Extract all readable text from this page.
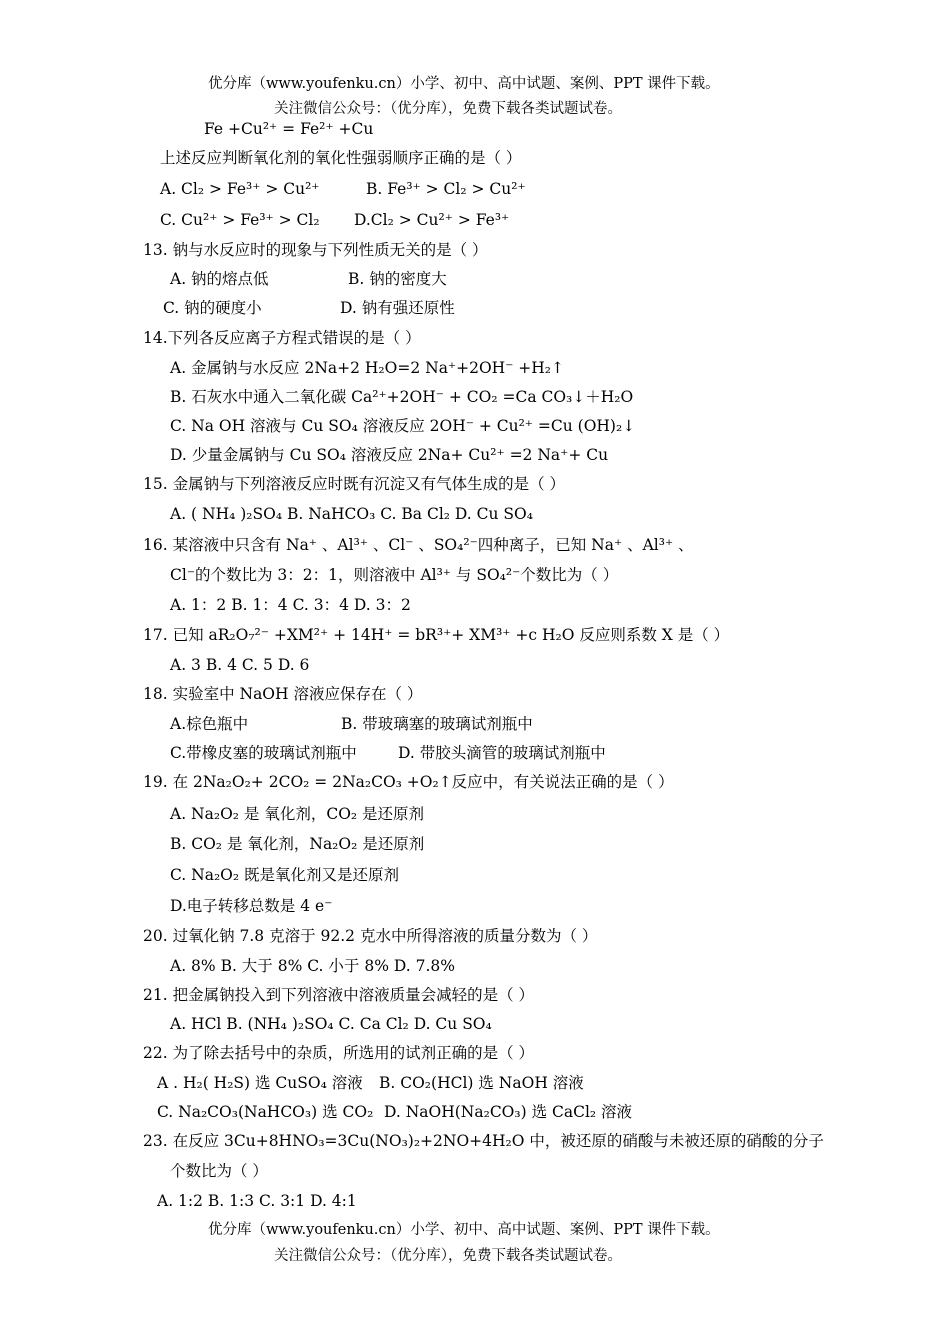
优分库（www.youfenku.cn）小学、初中、高中试题、案例、PPT 课件下载。
关注微信公众号：（优分库），免费下载各类试题试卷。
Fe +Cu²⁺ = Fe²⁺ +Cu
上述反应判断氧化剂的氧化性强弱顺序正确的是（ ）
A. Cl₂ > Fe³⁺ > Cu²⁺	B. Fe³⁺ > Cl₂ > Cu²⁺
C. Cu²⁺ > Fe³⁺ > Cl₂ D.Cl₂ > Cu²⁺ > Fe³⁺
13. 钠与水反应时的现象与下列性质无关的是（ ）
A. 钠的熔点低	B. 钠的密度大
C. 钠的硬度小	D. 钠有强还原性
14.下列各反应离子方程式错误的是（ ）
A. 金属钠与水反应 2Na+2 H₂O=2 Na⁺+2OH⁻ +H₂↑
B. 石灰水中通入二氧化碳 Ca²⁺+2OH⁻ + CO₂ =Ca CO₃↓＋H₂O
C. Na OH 溶液与 Cu SO₄ 溶液反应 2OH⁻ + Cu²⁺ =Cu (OH)₂↓
D. 少量金属钠与 Cu SO₄ 溶液反应 2Na+ Cu²⁺ =2 Na⁺+ Cu
15. 金属钠与下列溶液反应时既有沉淀又有气体生成的是（ ）
A. ( NH₄ )₂SO₄ B. NaHCO₃ C. Ba Cl₂ D. Cu SO₄
16. 某溶液中只含有 Na⁺ 、Al³⁺ 、Cl⁻ 、SO₄²⁻四种离子，已知 Na⁺ 、Al³⁺ 、
Cl⁻的个数比为 3：2：1，则溶液中 Al³⁺ 与 SO₄²⁻个数比为（ ）
A. 1：2 B. 1：4 C. 3：4 D. 3：2
17. 已知 aR₂O₇²⁻ +XM²⁺ + 14H⁺ = bR³⁺+ XM³⁺ +c H₂O 反应则系数 X 是（ ）
A. 3 B. 4 C. 5 D. 6
18. 实验室中 NaOH 溶液应保存在（ ）
A.棕色瓶中	B. 带玻璃塞的玻璃试剂瓶中
C.带橡皮塞的玻璃试剂瓶中	D. 带胶头滴管的玻璃试剂瓶中
19. 在 2Na₂O₂+ 2CO₂ = 2Na₂CO₃ +O₂↑反应中，有关说法正确的是（ ）
A. Na₂O₂ 是 氧化剂，CO₂ 是还原剂
B. CO₂ 是 氧化剂，Na₂O₂ 是还原剂
C. Na₂O₂ 既是氧化剂又是还原剂
D.电子转移总数是 4 e⁻
20. 过氧化钠 7.8 克溶于 92.2 克水中所得溶液的质量分数为（ ）
A. 8% B. 大于 8% C. 小于 8% D. 7.8%
21. 把金属钠投入到下列溶液中溶液质量会减轻的是（ ）
A. HCl B. (NH₄ )₂SO₄ C. Ca Cl₂ D. Cu SO₄
22. 为了除去括号中的杂质，所选用的试剂正确的是（ ）
A . H₂( H₂S) 选 CuSO₄ 溶液 B. CO₂(HCl) 选 NaOH 溶液
C. Na₂CO₃(NaHCO₃) 选 CO₂ D. NaOH(Na₂CO₃) 选 CaCl₂ 溶液
23. 在反应 3Cu+8HNO₃=3Cu(NO₃)₂+2NO+4H₂O 中，被还原的硝酸与未被还原的硝酸的分子
个数比为（ ）
A. 1:2 B. 1:3 C. 3:1 D. 4:1
优分库（www.youfenku.cn）小学、初中、高中试题、案例、PPT 课件下载。
关注微信公众号：（优分库），免费下载各类试题试卷。
